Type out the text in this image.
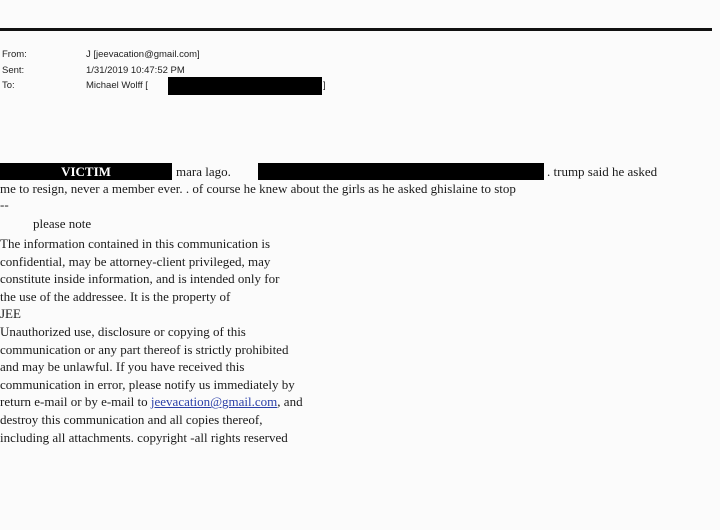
From:	J [jeevacation@gmail.com]
Sent:	1/31/2019 10:47:52 PM
To:	Michael Wolff [	]
VICTIM	mara lago.	. trump said he asked
me to resign, never a member ever. . of course he knew about the girls as he asked ghislaine to stop
--
please note
The information contained in this communication is
confidential, may be attorney-client privileged, may
constitute inside information, and is intended only for
the use of the addressee. It is the property of
JEE
Unauthorized use, disclosure or copying of this
communication or any part thereof is strictly prohibited
and may be unlawful. If you have received this
communication in error, please notify us immediately by
return e-mail or by e-mail to jeevacation@gmail.com, and
destroy this communication and all copies thereof,
including all attachments. copyright -all rights reserved
